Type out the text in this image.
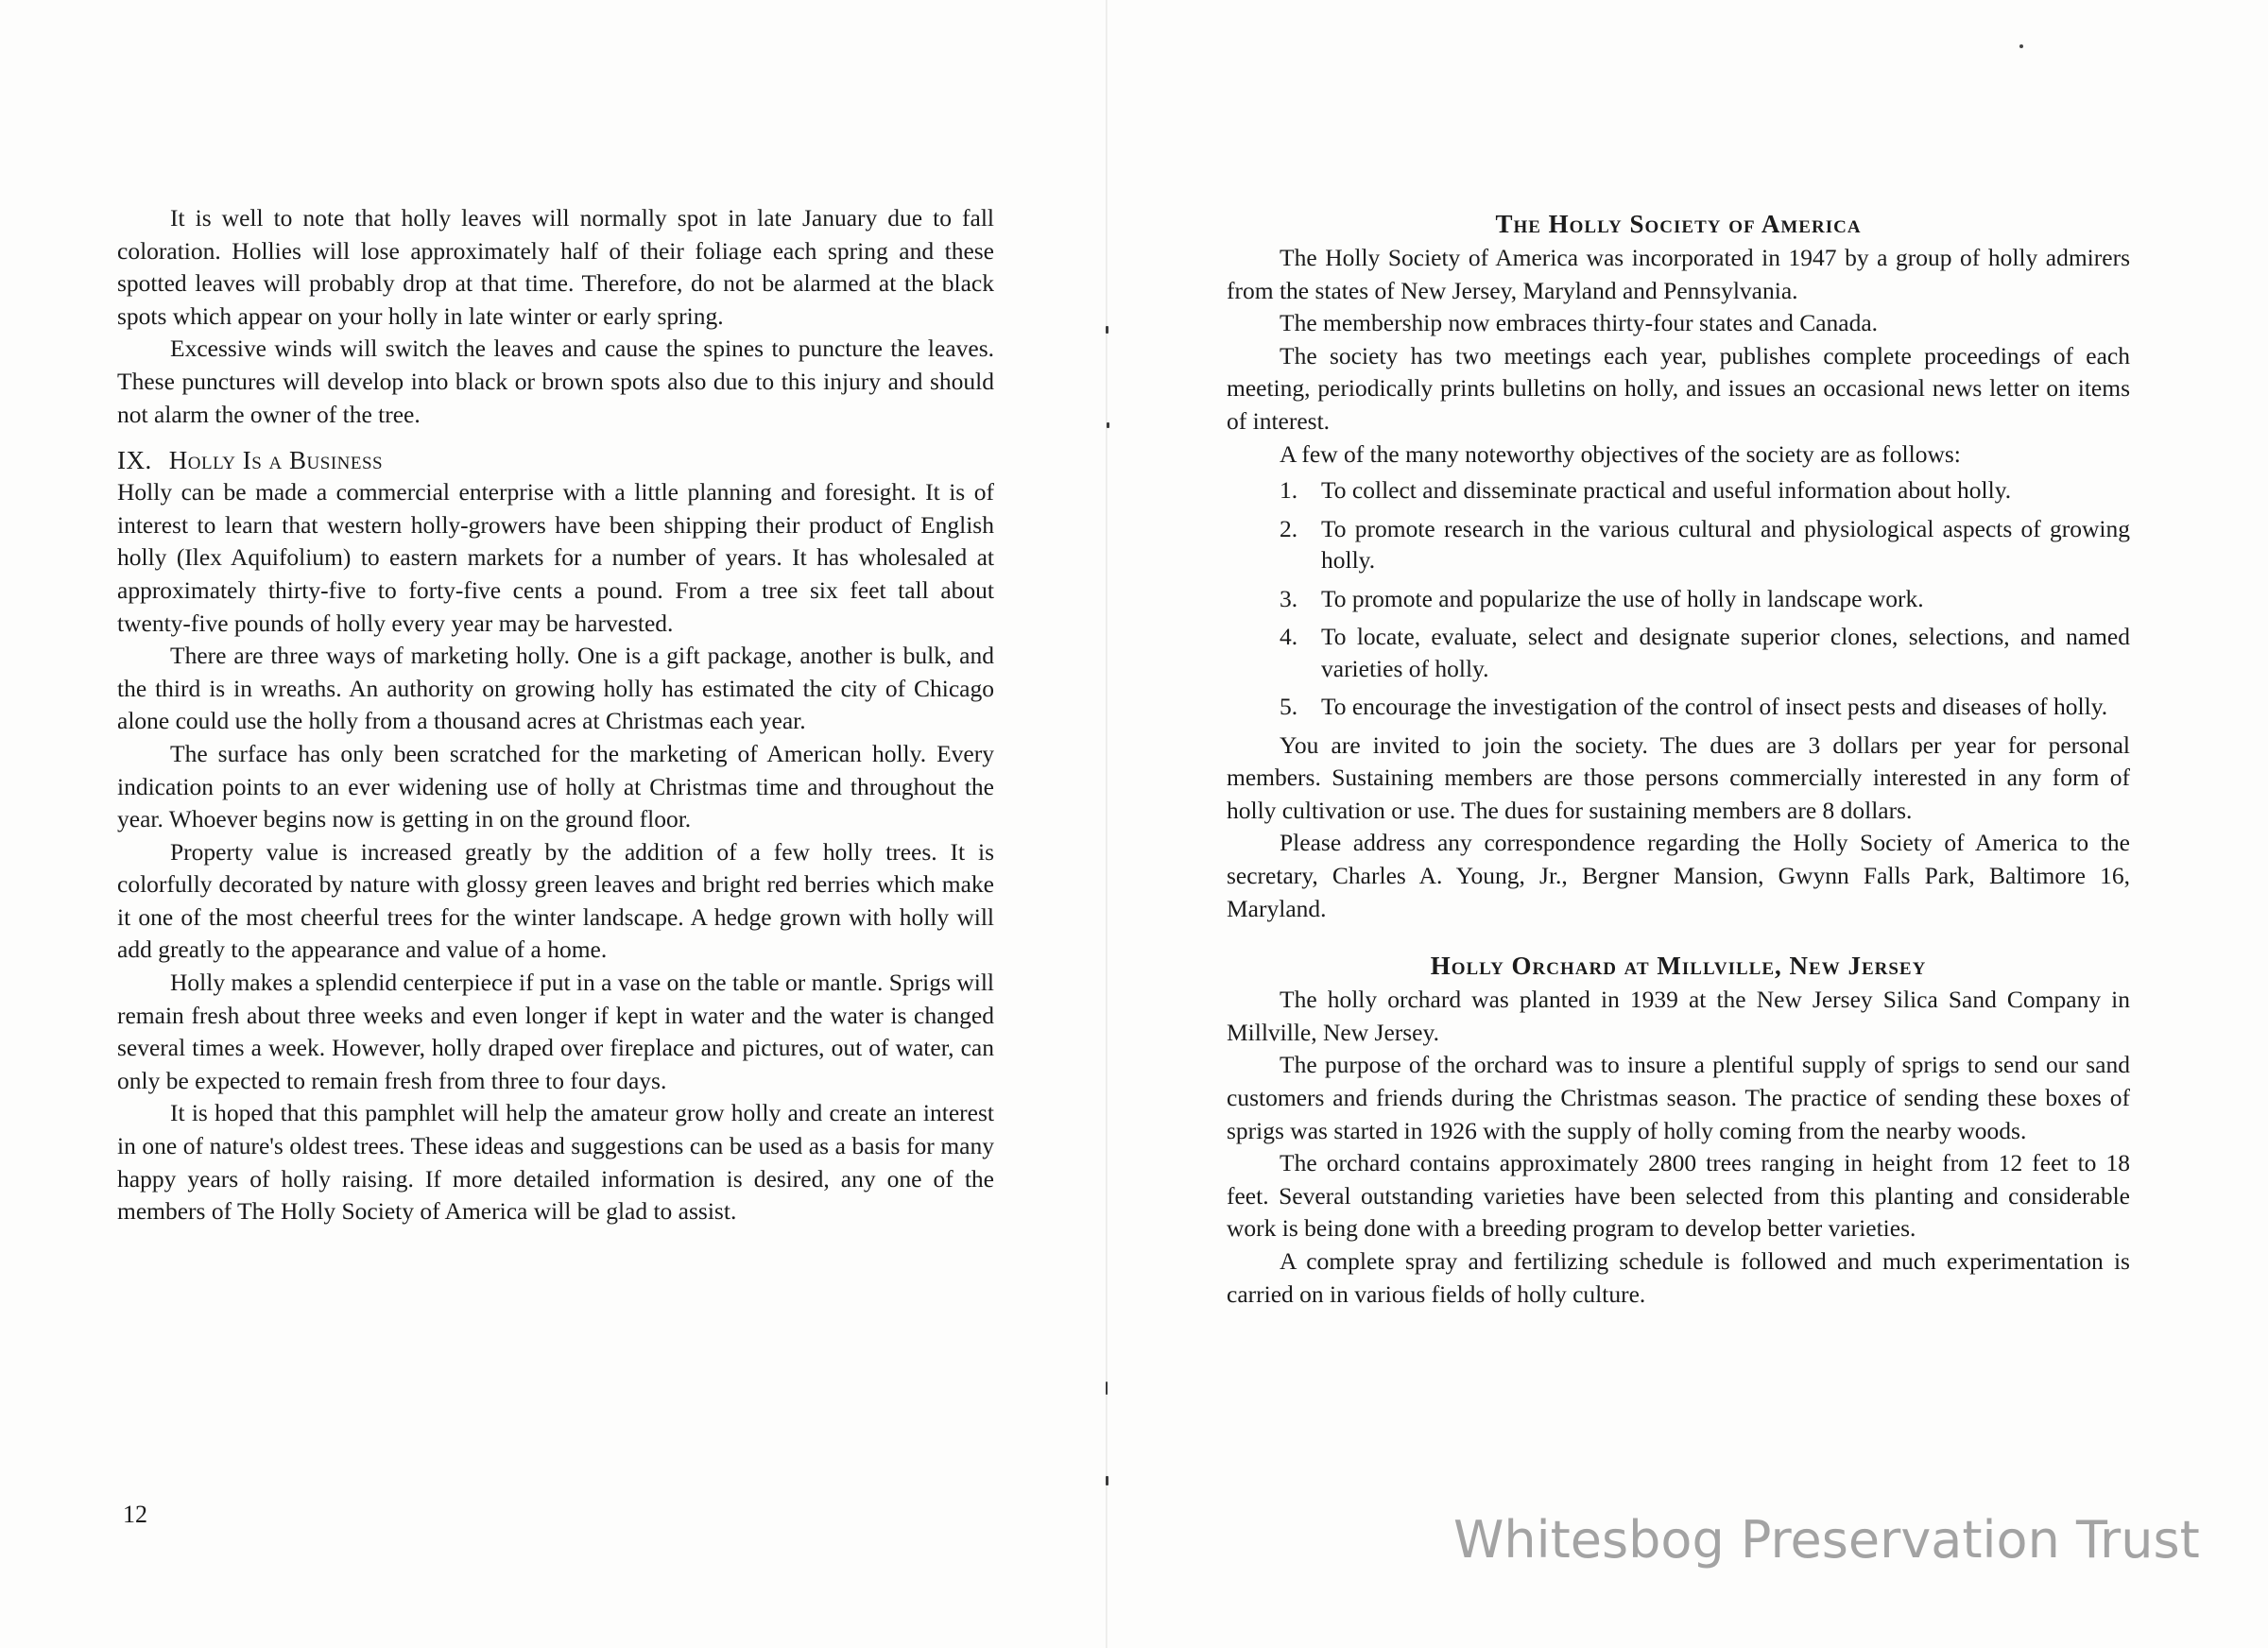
It is well to note that holly leaves will normally spot in late January due to fall coloration. Hollies will lose approximately half of their foliage each spring and these spotted leaves will probably drop at that time. Therefore, do not be alarmed at the black spots which appear on your holly in late winter or early spring.

Excessive winds will switch the leaves and cause the spines to puncture the leaves. These punctures will develop into black or brown spots also due to this injury and should not alarm the owner of the tree.

IX. Holly Is a Business

Holly can be made a commercial enterprise with a little planning and foresight. It is of interest to learn that western holly-growers have been shipping their product of English holly (Ilex Aquifolium) to eastern markets for a number of years. It has wholesaled at approximately thirty-five to forty-five cents a pound. From a tree six feet tall about twenty-five pounds of holly every year may be harvested.

There are three ways of marketing holly. One is a gift package, another is bulk, and the third is in wreaths. An authority on growing holly has estimated the city of Chicago alone could use the holly from a thousand acres at Christmas each year.

The surface has only been scratched for the marketing of American holly. Every indication points to an ever widening use of holly at Christmas time and throughout the year. Whoever begins now is getting in on the ground floor.

Property value is increased greatly by the addition of a few holly trees. It is colorfully decorated by nature with glossy green leaves and bright red berries which make it one of the most cheerful trees for the winter landscape. A hedge grown with holly will add greatly to the appearance and value of a home.

Holly makes a splendid centerpiece if put in a vase on the table or mantle. Sprigs will remain fresh about three weeks and even longer if kept in water and the water is changed several times a week. However, holly draped over fireplace and pictures, out of water, can only be expected to remain fresh from three to four days.

It is hoped that this pamphlet will help the amateur grow holly and create an interest in one of nature's oldest trees. These ideas and suggestions can be used as a basis for many happy years of holly raising. If more detailed information is desired, any one of the members of The Holly Society of America will be glad to assist.

12
The Holly Society of America

The Holly Society of America was incorporated in 1947 by a group of holly admirers from the states of New Jersey, Maryland and Pennsylvania.

The membership now embraces thirty-four states and Canada.

The society has two meetings each year, publishes complete proceedings of each meeting, periodically prints bulletins on holly, and issues an occasional news letter on items of interest.

A few of the many noteworthy objectives of the society are as follows:

1. To collect and disseminate practical and useful information about holly.
2. To promote research in the various cultural and physiological aspects of growing holly.
3. To promote and popularize the use of holly in landscape work.
4. To locate, evaluate, select and designate superior clones, selections, and named varieties of holly.
5. To encourage the investigation of the control of insect pests and diseases of holly.

You are invited to join the society. The dues are 3 dollars per year for personal members. Sustaining members are those persons commercially interested in any form of holly cultivation or use. The dues for sustaining members are 8 dollars.

Please address any correspondence regarding the Holly Society of America to the secretary, Charles A. Young, Jr., Bergner Mansion, Gwynn Falls Park, Baltimore 16, Maryland.

Holly Orchard at Millville, New Jersey

The holly orchard was planted in 1939 at the New Jersey Silica Sand Company in Millville, New Jersey.

The purpose of the orchard was to insure a plentiful supply of sprigs to send our sand customers and friends during the Christmas season. The practice of sending these boxes of sprigs was started in 1926 with the supply of holly coming from the nearby woods.

The orchard contains approximately 2800 trees ranging in height from 12 feet to 18 feet. Several outstanding varieties have been selected from this planting and considerable work is being done with a breeding program to develop better varieties.

A complete spray and fertilizing schedule is followed and much experimentation is carried on in various fields of holly culture.

Whitesbog Preservation Trust
